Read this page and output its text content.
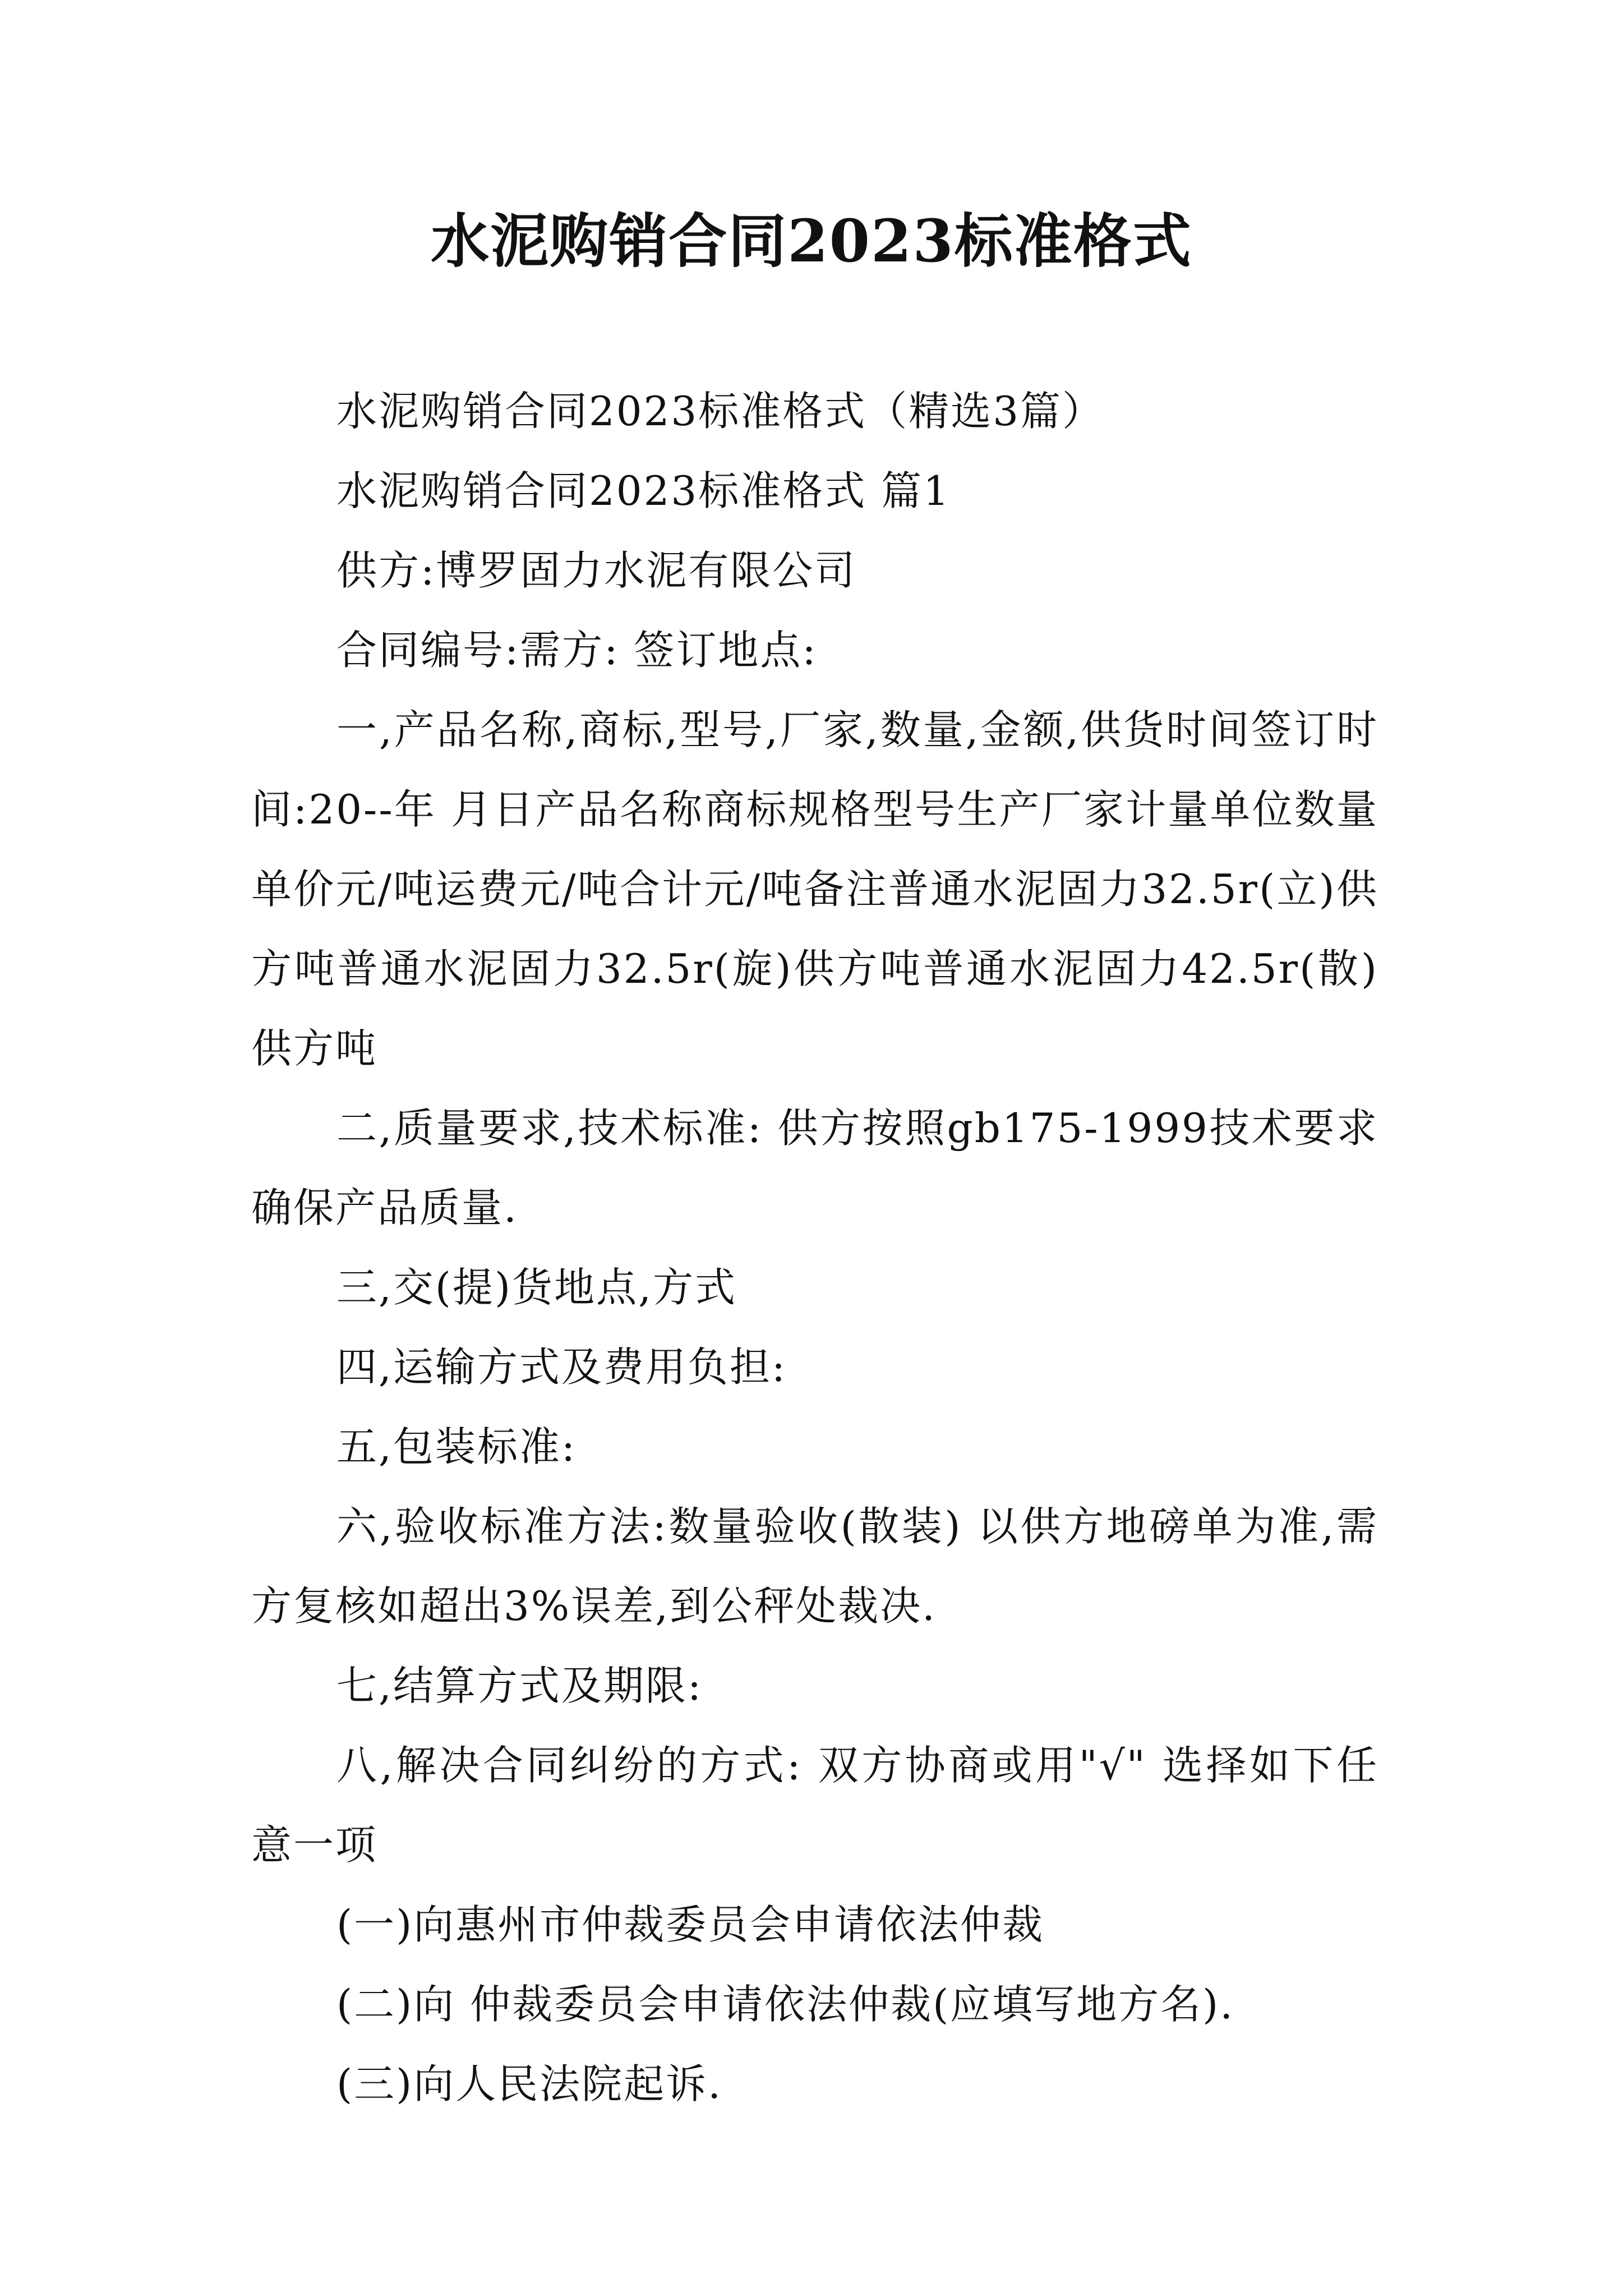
水泥购销合同2023标准格式

水泥购销合同2023标准格式（精选3篇）

水泥购销合同2023标准格式 篇1

供方:博罗固力水泥有限公司

合同编号:需方: 签订地点:

一,产品名称,商标,型号,厂家,数量,金额,供货时间签订时间:20--年 月日产品名称商标规格型号生产厂家计量单位数量单价元/吨运费元/吨合计元/吨备注普通水泥固力32.5r(立)供方吨普通水泥固力32.5r(旋)供方吨普通水泥固力42.5r(散)供方吨

二,质量要求,技术标准: 供方按照gb175-1999技术要求确保产品质量.

三,交(提)货地点,方式

四,运输方式及费用负担:

五,包装标准:

六,验收标准方法:数量验收(散装) 以供方地磅单为准,需方复核如超出3%误差,到公秤处裁决.

七,结算方式及期限:

八,解决合同纠纷的方式: 双方协商或用"√" 选择如下任意一项

(一)向惠州市仲裁委员会申请依法仲裁

(二)向 仲裁委员会申请依法仲裁(应填写地方名).

(三)向人民法院起诉.
